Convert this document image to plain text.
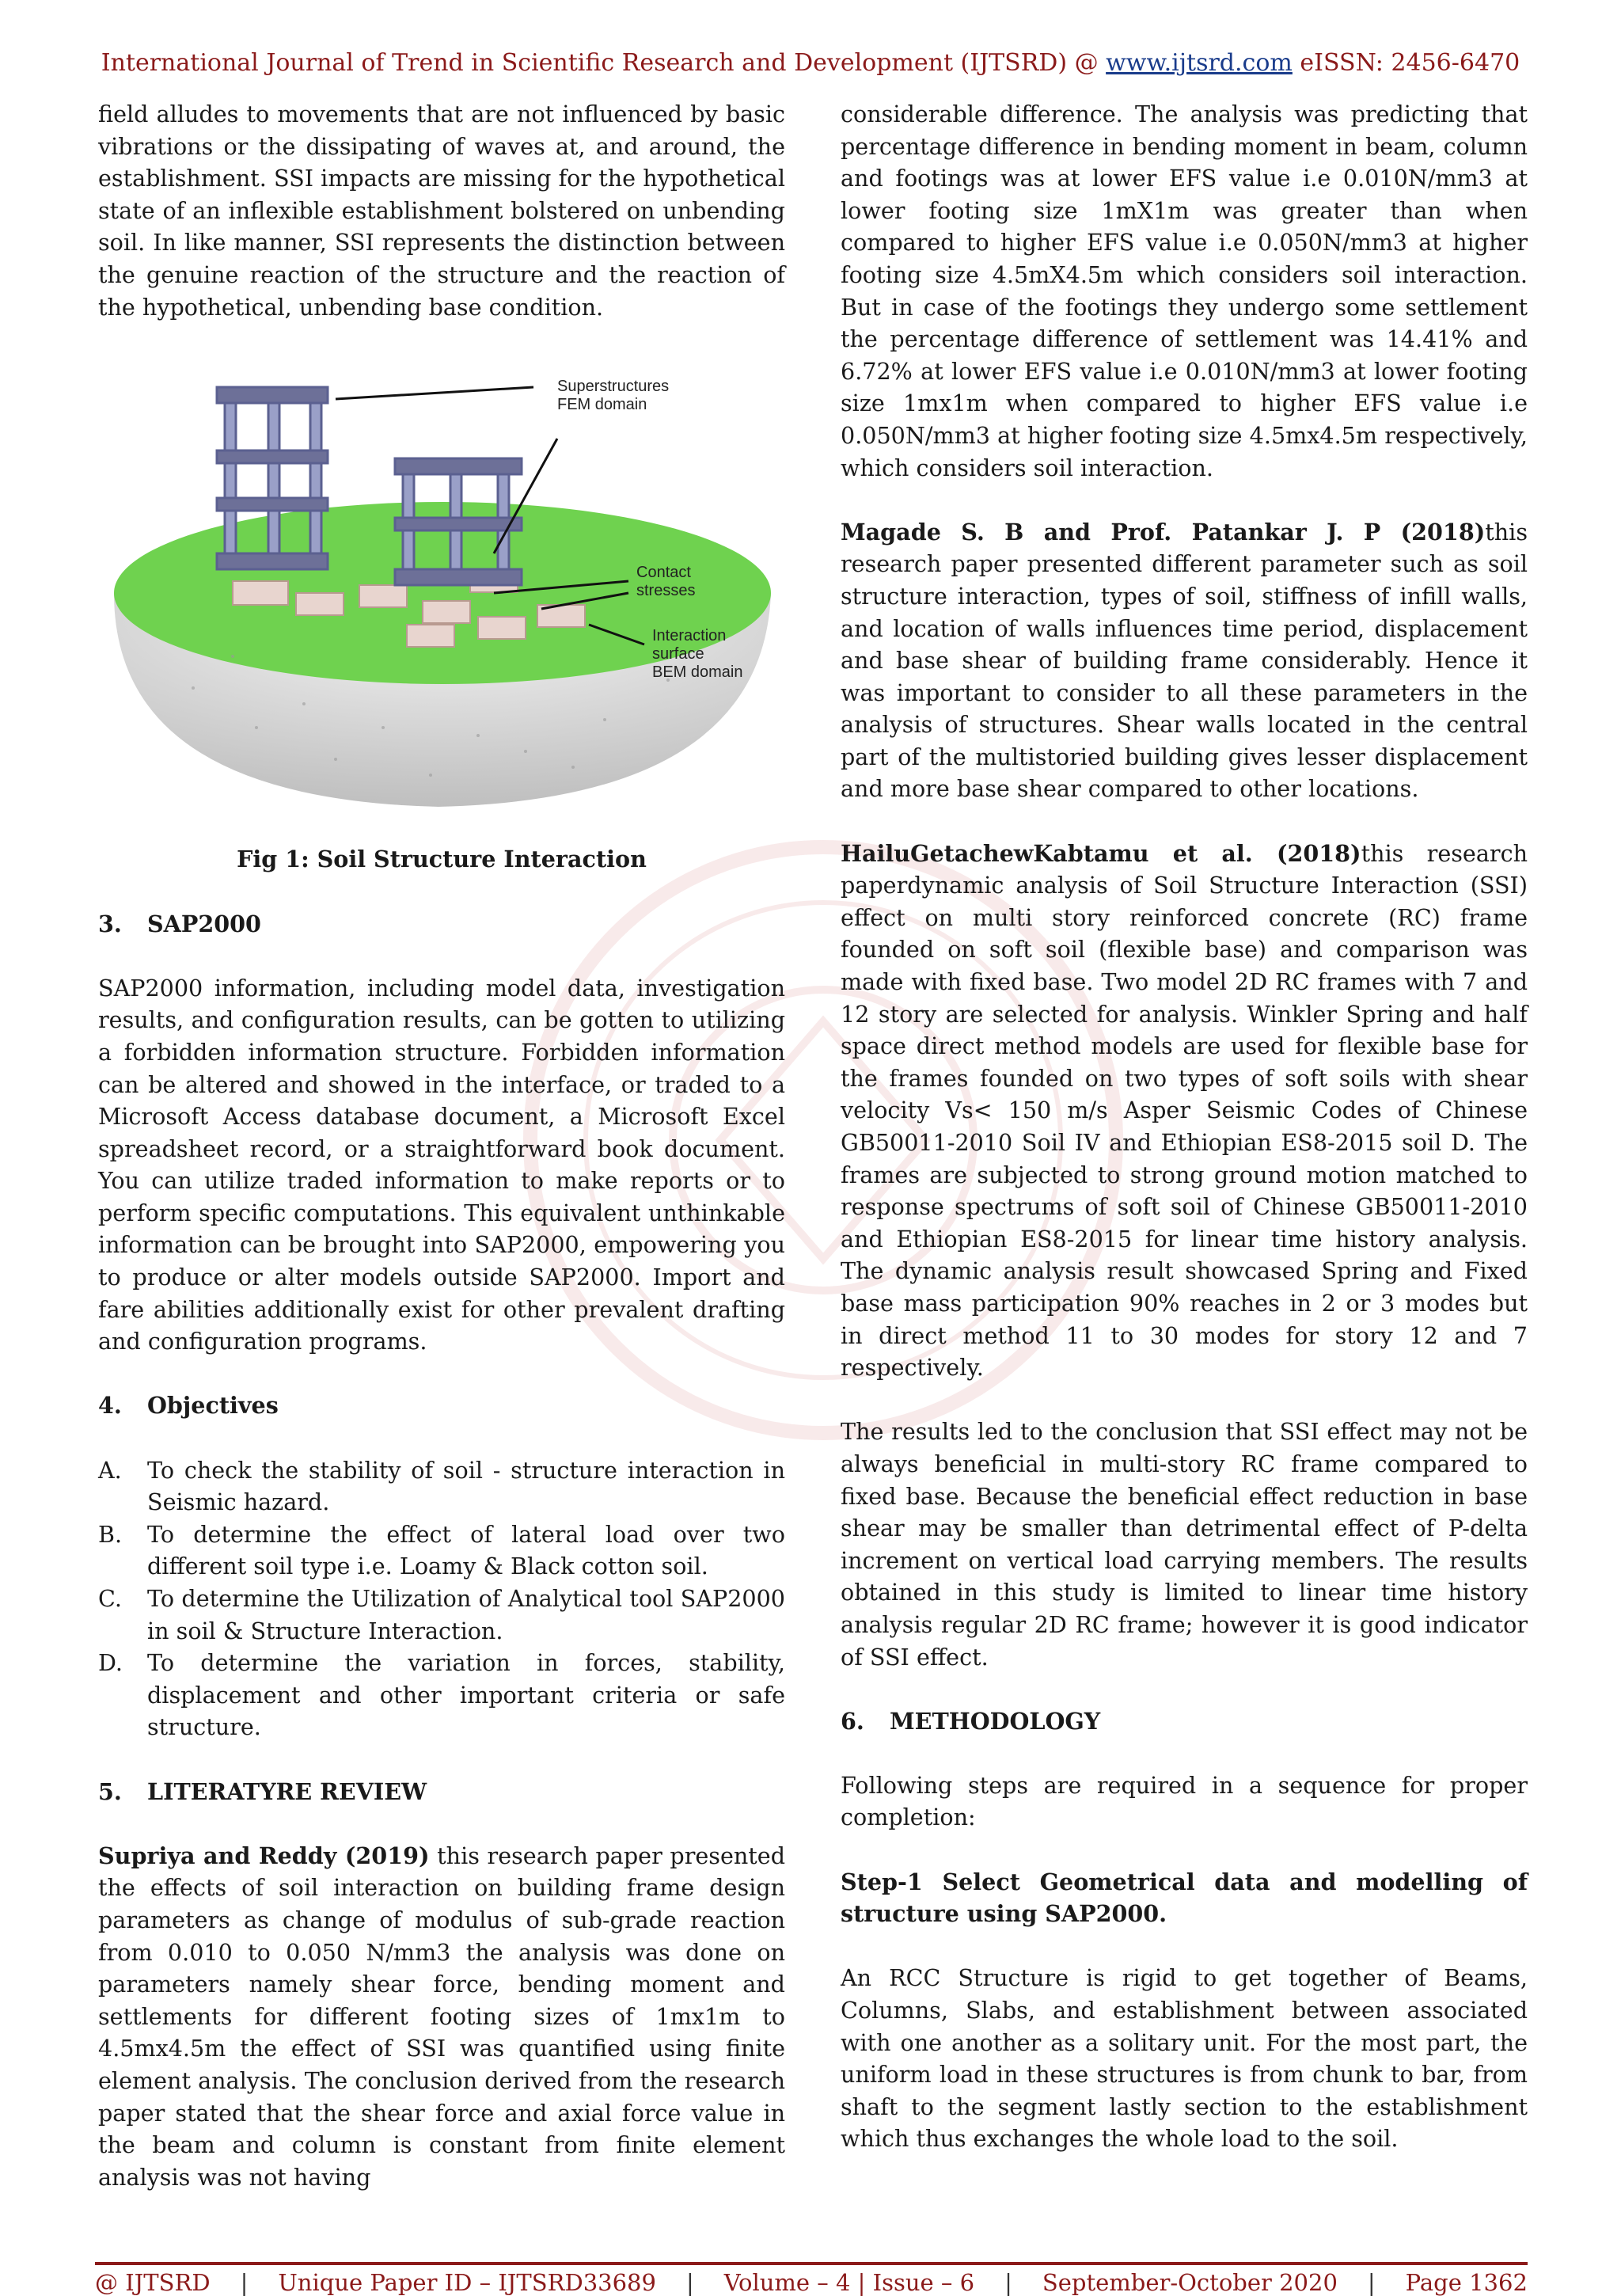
International Journal of Trend in Scientific Research and Development (IJTSRD) @ www.ijtsrd.com eISSN: 2456-6470

field alludes to movements that are not influenced by basic vibrations or the dissipating of waves at, and around, the establishment. SSI impacts are missing for the hypothetical state of an inflexible establishment bolstered on unbending soil. In like manner, SSI represents the distinction between the genuine reaction of the structure and the reaction of the hypothetical, unbending base condition.

Superstructures
FEM domain
Contact
stresses
Interaction
surface
BEM domain

Fig 1: Soil Structure Interaction

3. SAP2000

SAP2000 information, including model data, investigation results, and configuration results, can be gotten to utilizing a forbidden information structure. Forbidden information can be altered and showed in the interface, or traded to a Microsoft Access database document, a Microsoft Excel spreadsheet record, or a straightforward book document. You can utilize traded information to make reports or to perform specific computations. This equivalent unthinkable information can be brought into SAP2000, empowering you to produce or alter models outside SAP2000. Import and fare abilities additionally exist for other prevalent drafting and configuration programs.

4. Objectives

A.	To check the stability of soil - structure interaction in Seismic hazard.
B.	To determine the effect of lateral load over two different soil type i.e. Loamy & Black cotton soil.
C.	To determine the Utilization of Analytical tool SAP2000 in soil & Structure Interaction.
D.	To determine the variation in forces, stability, displacement and other important criteria or safe structure.

5. LITERATYRE REVIEW

Supriya and Reddy (2019) this research paper presented the effects of soil interaction on building frame design parameters as change of modulus of sub-grade reaction from 0.010 to 0.050 N/mm3 the analysis was done on parameters namely shear force, bending moment and settlements for different footing sizes of 1mx1m to 4.5mx4.5m the effect of SSI was quantified using finite element analysis. The conclusion derived from the research paper stated that the shear force and axial force value in the beam and column is constant from finite element analysis was not having

considerable difference. The analysis was predicting that percentage difference in bending moment in beam, column and footings was at lower EFS value i.e 0.010N/mm3 at lower footing size 1mX1m was greater than when compared to higher EFS value i.e 0.050N/mm3 at higher footing size 4.5mX4.5m which considers soil interaction. But in case of the footings they undergo some settlement the percentage difference of settlement was 14.41% and 6.72% at lower EFS value i.e 0.010N/mm3 at lower footing size 1mx1m when compared to higher EFS value i.e 0.050N/mm3 at higher footing size 4.5mx4.5m respectively, which considers soil interaction.

Magade S. B and Prof. Patankar J. P (2018)this research paper presented different parameter such as soil structure interaction, types of soil, stiffness of infill walls, and location of walls influences time period, displacement and base shear of building frame considerably. Hence it was important to consider to all these parameters in the analysis of structures. Shear walls located in the central part of the multistoried building gives lesser displacement and more base shear compared to other locations.

HailuGetachewKabtamu et al. (2018)this research paperdynamic analysis of Soil Structure Interaction (SSI) effect on multi story reinforced concrete (RC) frame founded on soft soil (flexible base) and comparison was made with fixed base. Two model 2D RC frames with 7 and 12 story are selected for analysis. Winkler Spring and half space direct method models are used for flexible base for the frames founded on two types of soft soils with shear velocity Vs< 150 m/s Asper Seismic Codes of Chinese GB50011-2010 Soil IV and Ethiopian ES8-2015 soil D. The frames are subjected to strong ground motion matched to response spectrums of soft soil of Chinese GB50011-2010 and Ethiopian ES8-2015 for linear time history analysis. The dynamic analysis result showcased Spring and Fixed base mass participation 90% reaches in 2 or 3 modes but in direct method 11 to 30 modes for story 12 and 7 respectively.

The results led to the conclusion that SSI effect may not be always beneficial in multi-story RC frame compared to fixed base. Because the beneficial effect reduction in base shear may be smaller than detrimental effect of P-delta increment on vertical load carrying members. The results obtained in this study is limited to linear time history analysis regular 2D RC frame; however it is good indicator of SSI effect.

6. METHODOLOGY

Following steps are required in a sequence for proper completion:

Step-1 Select Geometrical data and modelling of structure using SAP2000.

An RCC Structure is rigid to get together of Beams, Columns, Slabs, and establishment between associated with one another as a solitary unit. For the most part, the uniform load in these structures is from chunk to bar, from shaft to the segment lastly section to the establishment which thus exchanges the whole load to the soil.

@ IJTSRD | Unique Paper ID – IJTSRD33689 | Volume – 4 | Issue – 6 | September-October 2020 | Page 1362
